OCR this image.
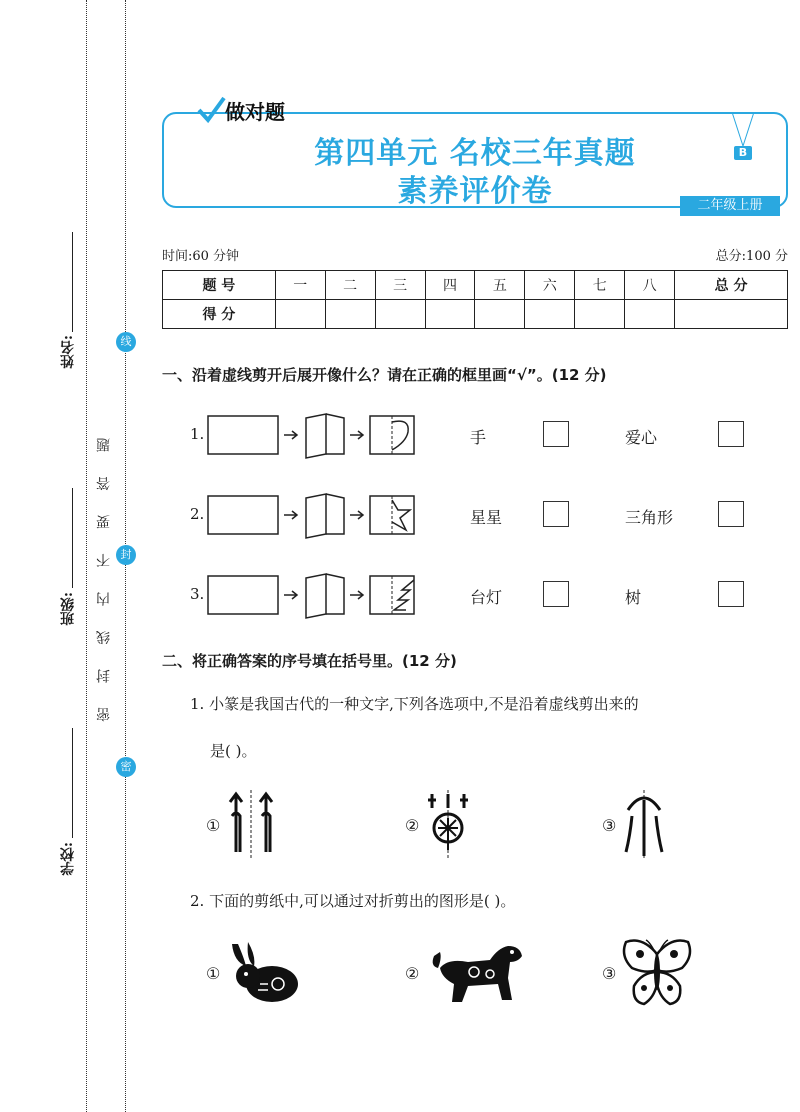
姓名:
班级:
学校:
密 封 线 内 不 要 答 题
线
封
密
第四单元 名校三年真题
素养评价卷
做对题
B
二年级上册
时间:60 分钟	总分:100 分
题 号	一	二	三	四	五	六	七	八	总 分
得 分									
一、沿着虚线剪开后展开像什么？请在正确的框里画“√”。(12 分)
1.	手	爱心
2.	星星	三角形
3.	台灯	树
二、将正确答案的序号填在括号里。(12 分)
1. 小篆是我国古代的一种文字,下列各选项中,不是沿着虚线剪出来的
是( )。
①	②	③
2. 下面的剪纸中,可以通过对折剪出的图形是( )。
①	②	③
